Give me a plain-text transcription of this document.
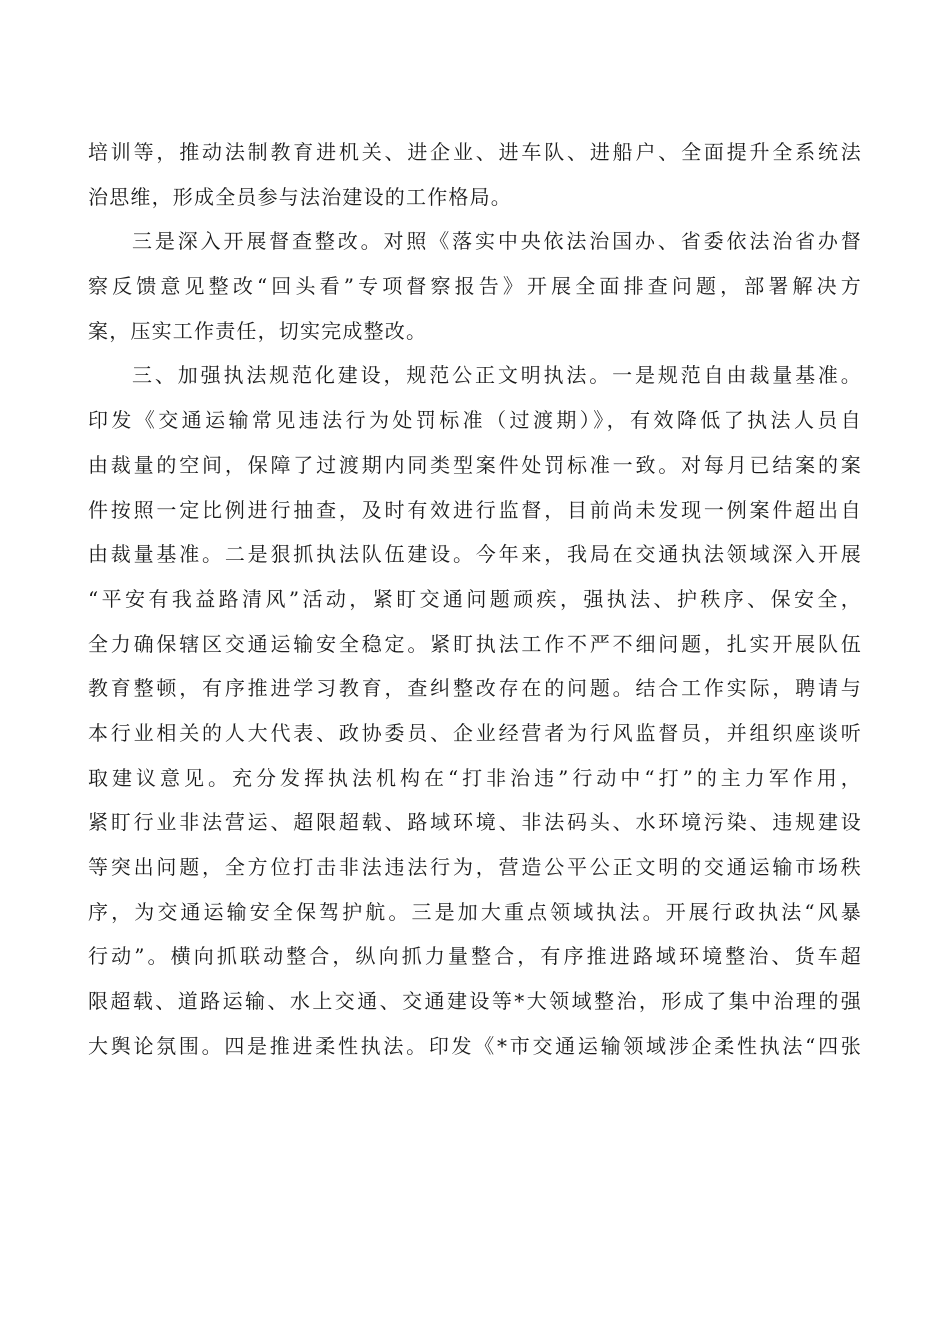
培训等，推动法制教育进机关、进企业、进车队、进船户、全面提升全系统法
治思维，形成全员参与法治建设的工作格局。
三是深入开展督查整改。对照《落实中央依法治国办、省委依法治省办督
察反馈意见整改“回头看”专项督察报告》开展全面排查问题，部署解决方
案，压实工作责任，切实完成整改。
三、加强执法规范化建设，规范公正文明执法。一是规范自由裁量基准。
印发《交通运输常见违法行为处罚标准（过渡期）》，有效降低了执法人员自
由裁量的空间，保障了过渡期内同类型案件处罚标准一致。对每月已结案的案
件按照一定比例进行抽查，及时有效进行监督，目前尚未发现一例案件超出自
由裁量基准。二是狠抓执法队伍建设。今年来，我局在交通执法领域深入开展
“平安有我益路清风”活动，紧盯交通问题顽疾，强执法、护秩序、保安全，
全力确保辖区交通运输安全稳定。紧盯执法工作不严不细问题，扎实开展队伍
教育整顿，有序推进学习教育，查纠整改存在的问题。结合工作实际，聘请与
本行业相关的人大代表、政协委员、企业经营者为行风监督员，并组织座谈听
取建议意见。充分发挥执法机构在“打非治违”行动中“打”的主力军作用，
紧盯行业非法营运、超限超载、路域环境、非法码头、水环境污染、违规建设
等突出问题，全方位打击非法违法行为，营造公平公正文明的交通运输市场秩
序，为交通运输安全保驾护航。三是加大重点领域执法。开展行政执法“风暴
行动”。横向抓联动整合，纵向抓力量整合，有序推进路域环境整治、货车超
限超载、道路运输、水上交通、交通建设等*大领域整治，形成了集中治理的强
大舆论氛围。四是推进柔性执法。印发《*市交通运输领域涉企柔性执法“四张
